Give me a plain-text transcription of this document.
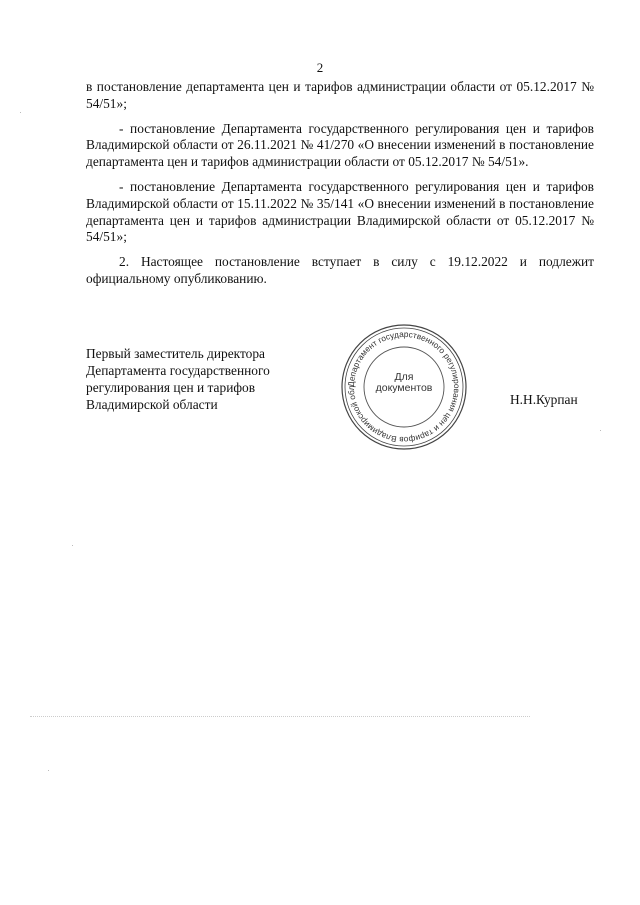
2

в постановление департамента цен и тарифов администрации области от 05.12.2017 № 54/51»;

- постановление Департамента государственного регулирования цен и тарифов Владимирской области от 26.11.2021 № 41/270 «О внесении изменений в постановление департамента цен и тарифов администрации области от 05.12.2017 № 54/51».

- постановление Департамента государственного регулирования цен и тарифов Владимирской области от 15.11.2022 № 35/141 «О внесении изменений в постановление департамента цен и тарифов администрации Владимирской области от 05.12.2017 № 54/51»;

2. Настоящее постановление вступает в силу с 19.12.2022 и подлежит официальному опубликованию.

Первый заместитель директора
Департамента государственного
регулирования цен и тарифов
Владимирской области
Департамент государственного регулирования цен и тарифов Владимирской обл
Для
документов
Н.Н.Курпан
